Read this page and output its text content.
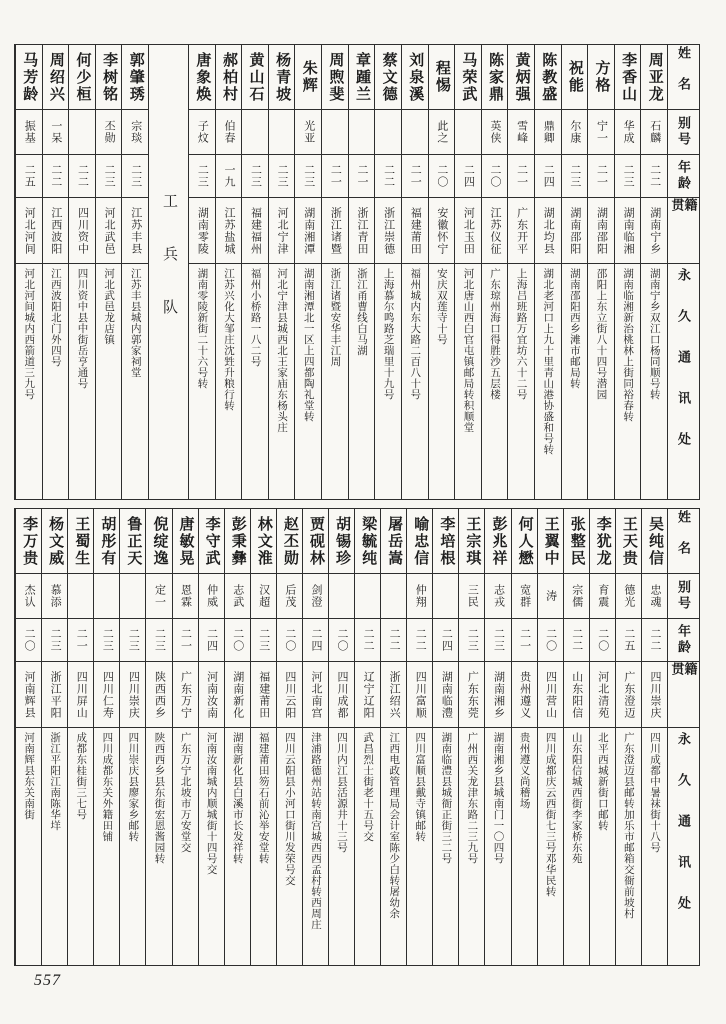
姓名
别号
年龄
籍贯
永久通讯处
周亚龙
石麟
二二
湖南宁乡
湖南宁乡双江口杨同顺号转
李香山
华成
二三
湖南临湘
湖南临湘新治桃林上街同裕春转
方格
宁一
二一
湖南邵阳
邵阳上东立街八十四号潜园
祝能
尔康
二三
湖南邵阳
湖南邵阳西乡滩市邮局转
陈教盛
鼎卿
二四
湖北均县
湖北老河口上九十里青山港协盛和号转
黄炳强
雪峰
二一
广东开平
上海吕班路万宜坊六十二号
陈家鼎
英侠
二〇
江苏仪征
广东琼州海口得胜沙五层楼
马荣武
二四
河北玉田
河北唐山西白官屯镇邮局转积顺堂
程惕
此之
二〇
安徽怀宁
安庆双莲寺十号
刘泉溪
二一
福建莆田
福州城内东大路二百八十号
蔡文德
二二
浙江崇德
上海慕尔鸣路芝瑞里十九号
章踵兰
二一
浙江青田
浙江甬曹线白马湖
周煦斐
二一
浙江诸暨
浙江诸暨安华丰江周
朱辉
光亚
二三
湖南湘潭
湖南湘潭北一区上四都陶礼堂转
杨青坡
二三
河北宁津
河北宁津县城西北王家庙东杨头庄
黄山石
二三
福建福州
福州小桥路一八二号
郝柏村
伯春
一九
江苏盐城
江苏兴化大邹庄沈甡升粮行转
唐象焕
子炆
二三
湖南零陵
湖南零陵新街二十六号转
工兵队
郭肇琇
宗琰
二三
江苏丰县
江苏丰县城内郭家祠堂
李树铭
丕勋
二三
河北武邑
河北武邑龙店镇
何少桓
二二
四川资中
四川资中县中街岳亨通号
周绍兴
一呆
二二
江西波阳
江西波阳北门外四号
马芳龄
振基
二五
河北河间
河北河间城内西箭道三九号
姓名
别号
年龄
籍贯
永久通讯处
吴纯信
忠魂
二二
四川崇庆
四川成都中暑袜街十八号
王天贵
德光
二五
广东澄迈
广东澄迈县邮转加乐市邮箱交衙前坡村
李犹龙
育震
二〇
河北清苑
北平西城新街口邮转
张整民
宗儒
二二
山东阳信
山东阳信城西街李家桥东苑
王翼中
涛
二〇
四川营山
四川成都庆云西街七三号邓华民转
何人懋
宽群
二一
贵州遵义
贵州遵义尚稽场
彭兆祥
志戎
二三
湖南湘乡
湖南湘乡县城南门一〇四号
王宗琪
三民
二三
广东东莞
广州西关龙津东路二三九号
李培根
二四
湖南临澧
湖南临澧县城衙正街三二号
喻忠信
仲翔
二二
四川富顺
四川富顺县戴寺镇邮转
屠岳嵩
二二
浙江绍兴
江西电政管理局会计室陈少白转屠幼余
梁毓纯
二二
辽宁辽阳
武昌烈士街老十五号交
胡锡珍
二〇
四川成都
四川内江县活源井十三号
贾砚林
剑澄
二四
河北南宫
津浦路德州站转南宫城西西孟村转西周庄
赵丕勋
后茂
二〇
四川云阳
四川云阳县小河口街川发荣号交
林文淮
汉超
二三
福建莆田
福建莆田笏石前沁举安堂转
彭秉彝
志武
二〇
湖南新化
湖南新化县白溪市长发祥转
李守武
仲威
二四
河南汝南
河南汝南城内顺城街十四号交
唐敏晃
恩霖
二一
广东万宁
广东万宁北坡市万安堂交
倪绽逸
定一
二三
陕西西乡
陕西西乡县东街宏恩酱园转
鲁正天
二三
四川崇庆
四川崇庆县廖家乡邮转
胡彤有
二三
四川仁寿
四川成都东关外籍田铺
王蜀生
二一
四川屏山
成都东桂街三七号
杨文威
慕添
二三
浙江平阳
浙江平阳江南陈华垟
李万贵
杰认
二〇
河南辉县
河南辉县东关南街
557
